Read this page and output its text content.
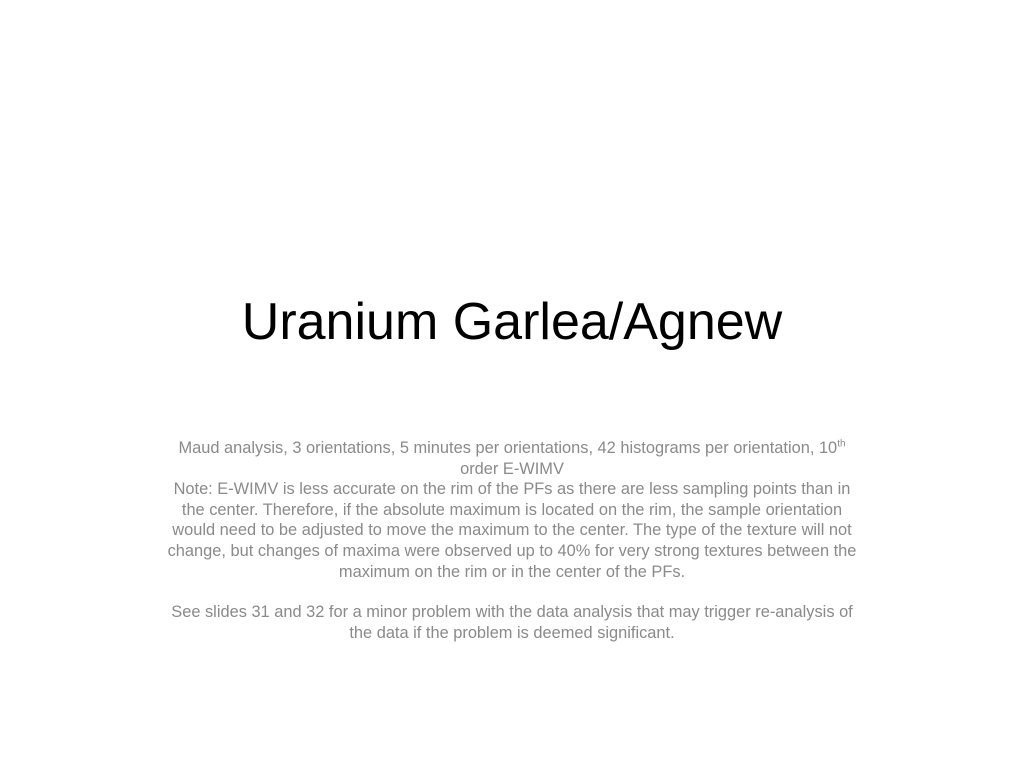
Uranium Garlea/Agnew

Maud analysis, 3 orientations, 5 minutes per orientations, 42 histograms per orientation, 10th order E-WIMV

Note: E-WIMV is less accurate on the rim of the PFs as there are less sampling points than in the center. Therefore, if the absolute maximum is located on the rim, the sample orientation would need to be adjusted to move the maximum to the center. The type of the texture will not change, but changes of maxima were observed up to 40% for very strong textures between the maximum on the rim or in the center of the PFs.

See slides 31 and 32 for a minor problem with the data analysis that may trigger re-analysis of the data if the problem is deemed significant.
